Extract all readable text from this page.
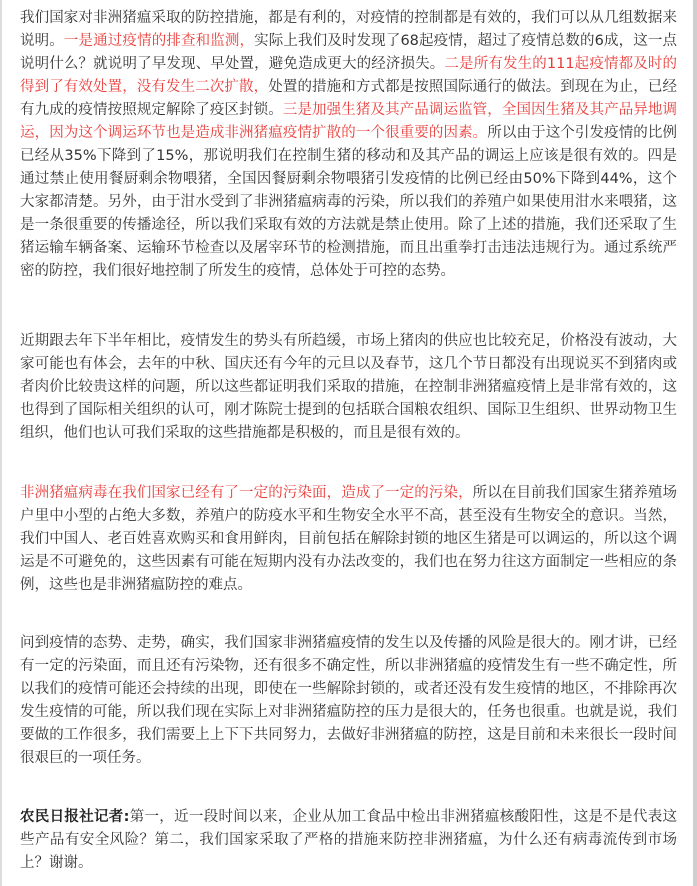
我们国家对非洲猪瘟采取的防控措施，都是有利的，对疫情的控制都是有效的，我们可以从几组数据来说明。一是通过疫情的排查和监测，实际上我们及时发现了68起疫情，超过了疫情总数的6成，这一点说明什么？就说明了早发现、早处置，避免造成更大的经济损失。二是所有发生的111起疫情都及时的得到了有效处置，没有发生二次扩散，处置的措施和方式都是按照国际通行的做法。到现在为止，已经有九成的疫情按照规定解除了疫区封锁。三是加强生猪及其产品调运监管，全国因生猪及其产品异地调运，因为这个调运环节也是造成非洲猪瘟疫情扩散的一个很重要的因素。所以由于这个引发疫情的比例已经从35%下降到了15%，那说明我们在控制生猪的移动和及其产品的调运上应该是很有效的。四是通过禁止使用餐厨剩余物喂猪，全国因餐厨剩余物喂猪引发疫情的比例已经由50%下降到44%，这个大家都清楚。另外，由于泔水受到了非洲猪瘟病毒的污染，所以我们的养殖户如果使用泔水来喂猪，这是一条很重要的传播途径，所以我们采取有效的方法就是禁止使用。除了上述的措施，我们还采取了生猪运输车辆备案、运输环节检查以及屠宰环节的检测措施，而且出重拳打击违法违规行为。通过系统严密的防控，我们很好地控制了所发生的疫情，总体处于可控的态势。

近期跟去年下半年相比，疫情发生的势头有所趋缓，市场上猪肉的供应也比较充足，价格没有波动，大家可能也有体会，去年的中秋、国庆还有今年的元旦以及春节，这几个节日都没有出现说买不到猪肉或者肉价比较贵这样的问题，所以这些都证明我们采取的措施，在控制非洲猪瘟疫情上是非常有效的，这也得到了国际相关组织的认可，刚才陈院士提到的包括联合国粮农组织、国际卫生组织、世界动物卫生组织，他们也认可我们采取的这些措施都是积极的，而且是很有效的。

非洲猪瘟病毒在我们国家已经有了一定的污染面，造成了一定的污染，所以在目前我们国家生猪养殖场户里中小型的占绝大多数，养殖户的防疫水平和生物安全水平不高，甚至没有生物安全的意识。当然，我们中国人、老百姓喜欢购买和食用鲜肉，目前包括在解除封锁的地区生猪是可以调运的，所以这个调运是不可避免的，这些因素有可能在短期内没有办法改变的，我们也在努力往这方面制定一些相应的条例，这些也是非洲猪瘟防控的难点。

问到疫情的态势、走势，确实，我们国家非洲猪瘟疫情的发生以及传播的风险是很大的。刚才讲，已经有一定的污染面，而且还有污染物，还有很多不确定性，所以非洲猪瘟的疫情发生有一些不确定性，所以我们的疫情可能还会持续的出现，即使在一些解除封锁的，或者还没有发生疫情的地区，不排除再次发生疫情的可能，所以我们现在实际上对非洲猪瘟防控的压力是很大的，任务也很重。也就是说，我们要做的工作很多，我们需要上上下下共同努力，去做好非洲猪瘟的防控，这是目前和未来很长一段时间很艰巨的一项任务。

农民日报社记者:第一，近一段时间以来，企业从加工食品中检出非洲猪瘟核酸阳性，这是不是代表这些产品有安全风险？第二，我们国家采取了严格的措施来防控非洲猪瘟，为什么还有病毒流传到市场上？谢谢。
